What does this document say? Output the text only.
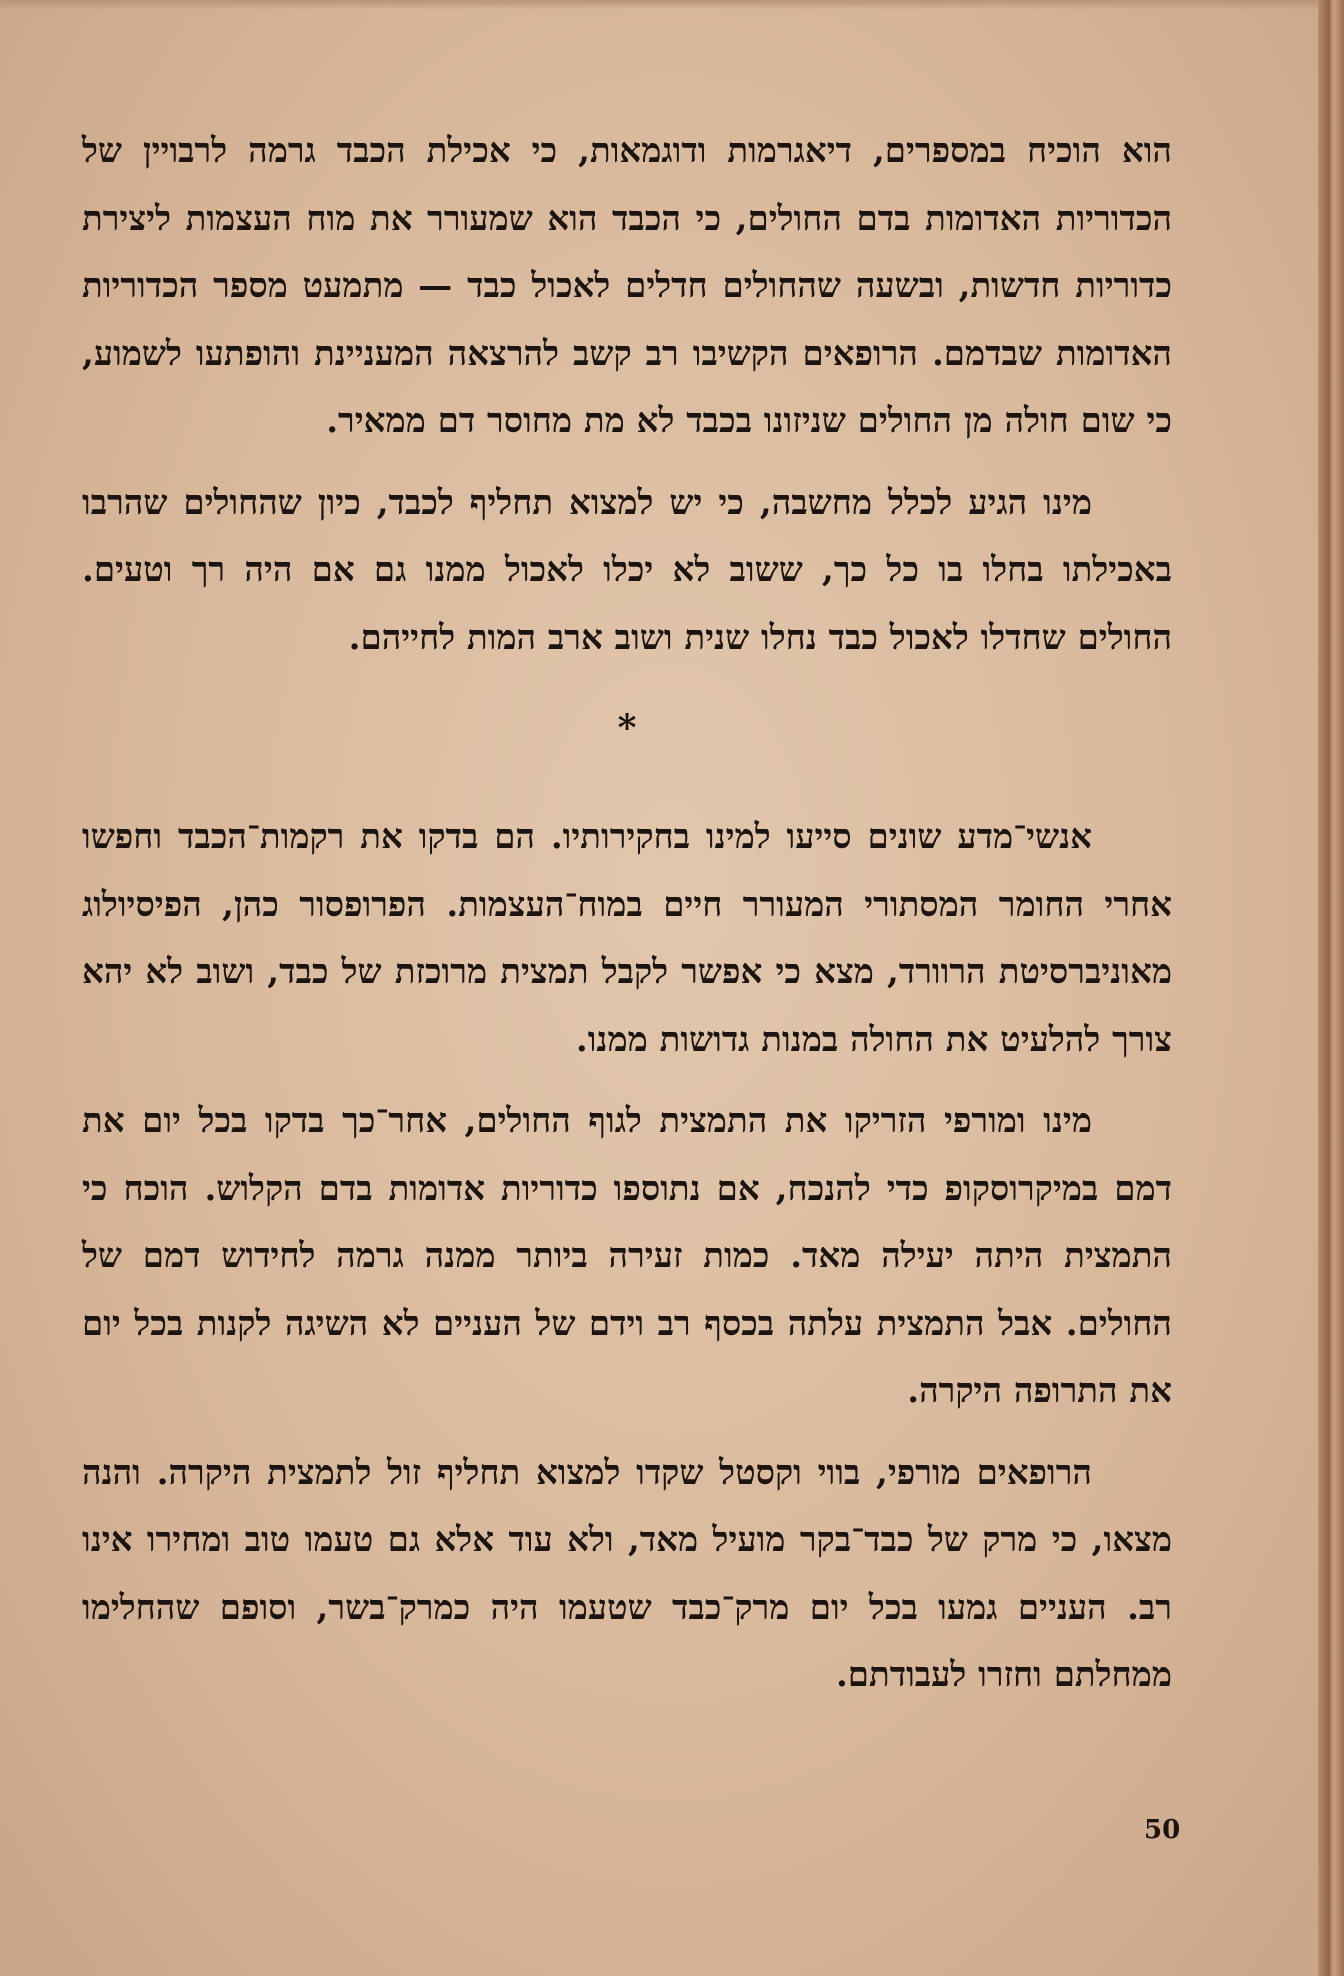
הוא הוכיח במספרים, דיאגרמות ודוגמאות, כי אכילת הכבד גרמה לרבויין של הכדוריות האדומות בדם החולים, כי הכבד הוא שמעורר את מוח העצמות ליצירת כדוריות חדשות, ובשעה שהחולים חדלים לאכול כבד — מתמעט מספר הכדוריות האדומות שבדמם. הרופאים הקשיבו רב קשב להרצאה המעניינת והופתעו לשמוע, כי שום חולה מן החולים שניזונו בכבד לא מת מחוסר דם ממאיר.

מינו הגיע לכלל מחשבה, כי יש למצוא תחליף לכבד, כיון שהחולים שהרבו באכילתו בחלו בו כל כך, ששוב לא יכלו לאכול ממנו גם אם היה רך וטעים. החולים שחדלו לאכול כבד נחלו שנית ושוב ארב המות לחייהם.

*

אנשי־מדע שונים סייעו למינו בחקירותיו. הם בדקו את רקמות־הכבד וחפשו אחרי החומר המסתורי המעורר חיים במוח־העצמות. הפרופסור כהן, הפיסיולוג מאוניברסיטת הרוורד, מצא כי אפשר לקבל תמצית מרוכזת של כבד, ושוב לא יהא צורך להלעיט את החולה במנות גדושות ממנו.

מינו ומורפי הזריקו את התמצית לגוף החולים, אחר־כך בדקו בכל יום את דמם במיקרוסקופ כדי להנכח, אם נתוספו כדוריות אדומות בדם הקלוש. הוכח כי התמצית היתה יעילה מאד. כמות זעירה ביותר ממנה גרמה לחידוש דמם של החולים. אבל התמצית עלתה בכסף רב וידם של העניים לא השיגה לקנות בכל יום את התרופה היקרה.

הרופאים מורפי, בווי וקסטל שקדו למצוא תחליף זול לתמצית היקרה. והנה מצאו, כי מרק של כבד־בקר מועיל מאד, ולא עוד אלא גם טעמו טוב ומחירו אינו רב. העניים גמעו בכל יום מרק־כבד שטעמו היה כמרק־בשר, וסופם שהחלימו ממחלתם וחזרו לעבודתם.

50
